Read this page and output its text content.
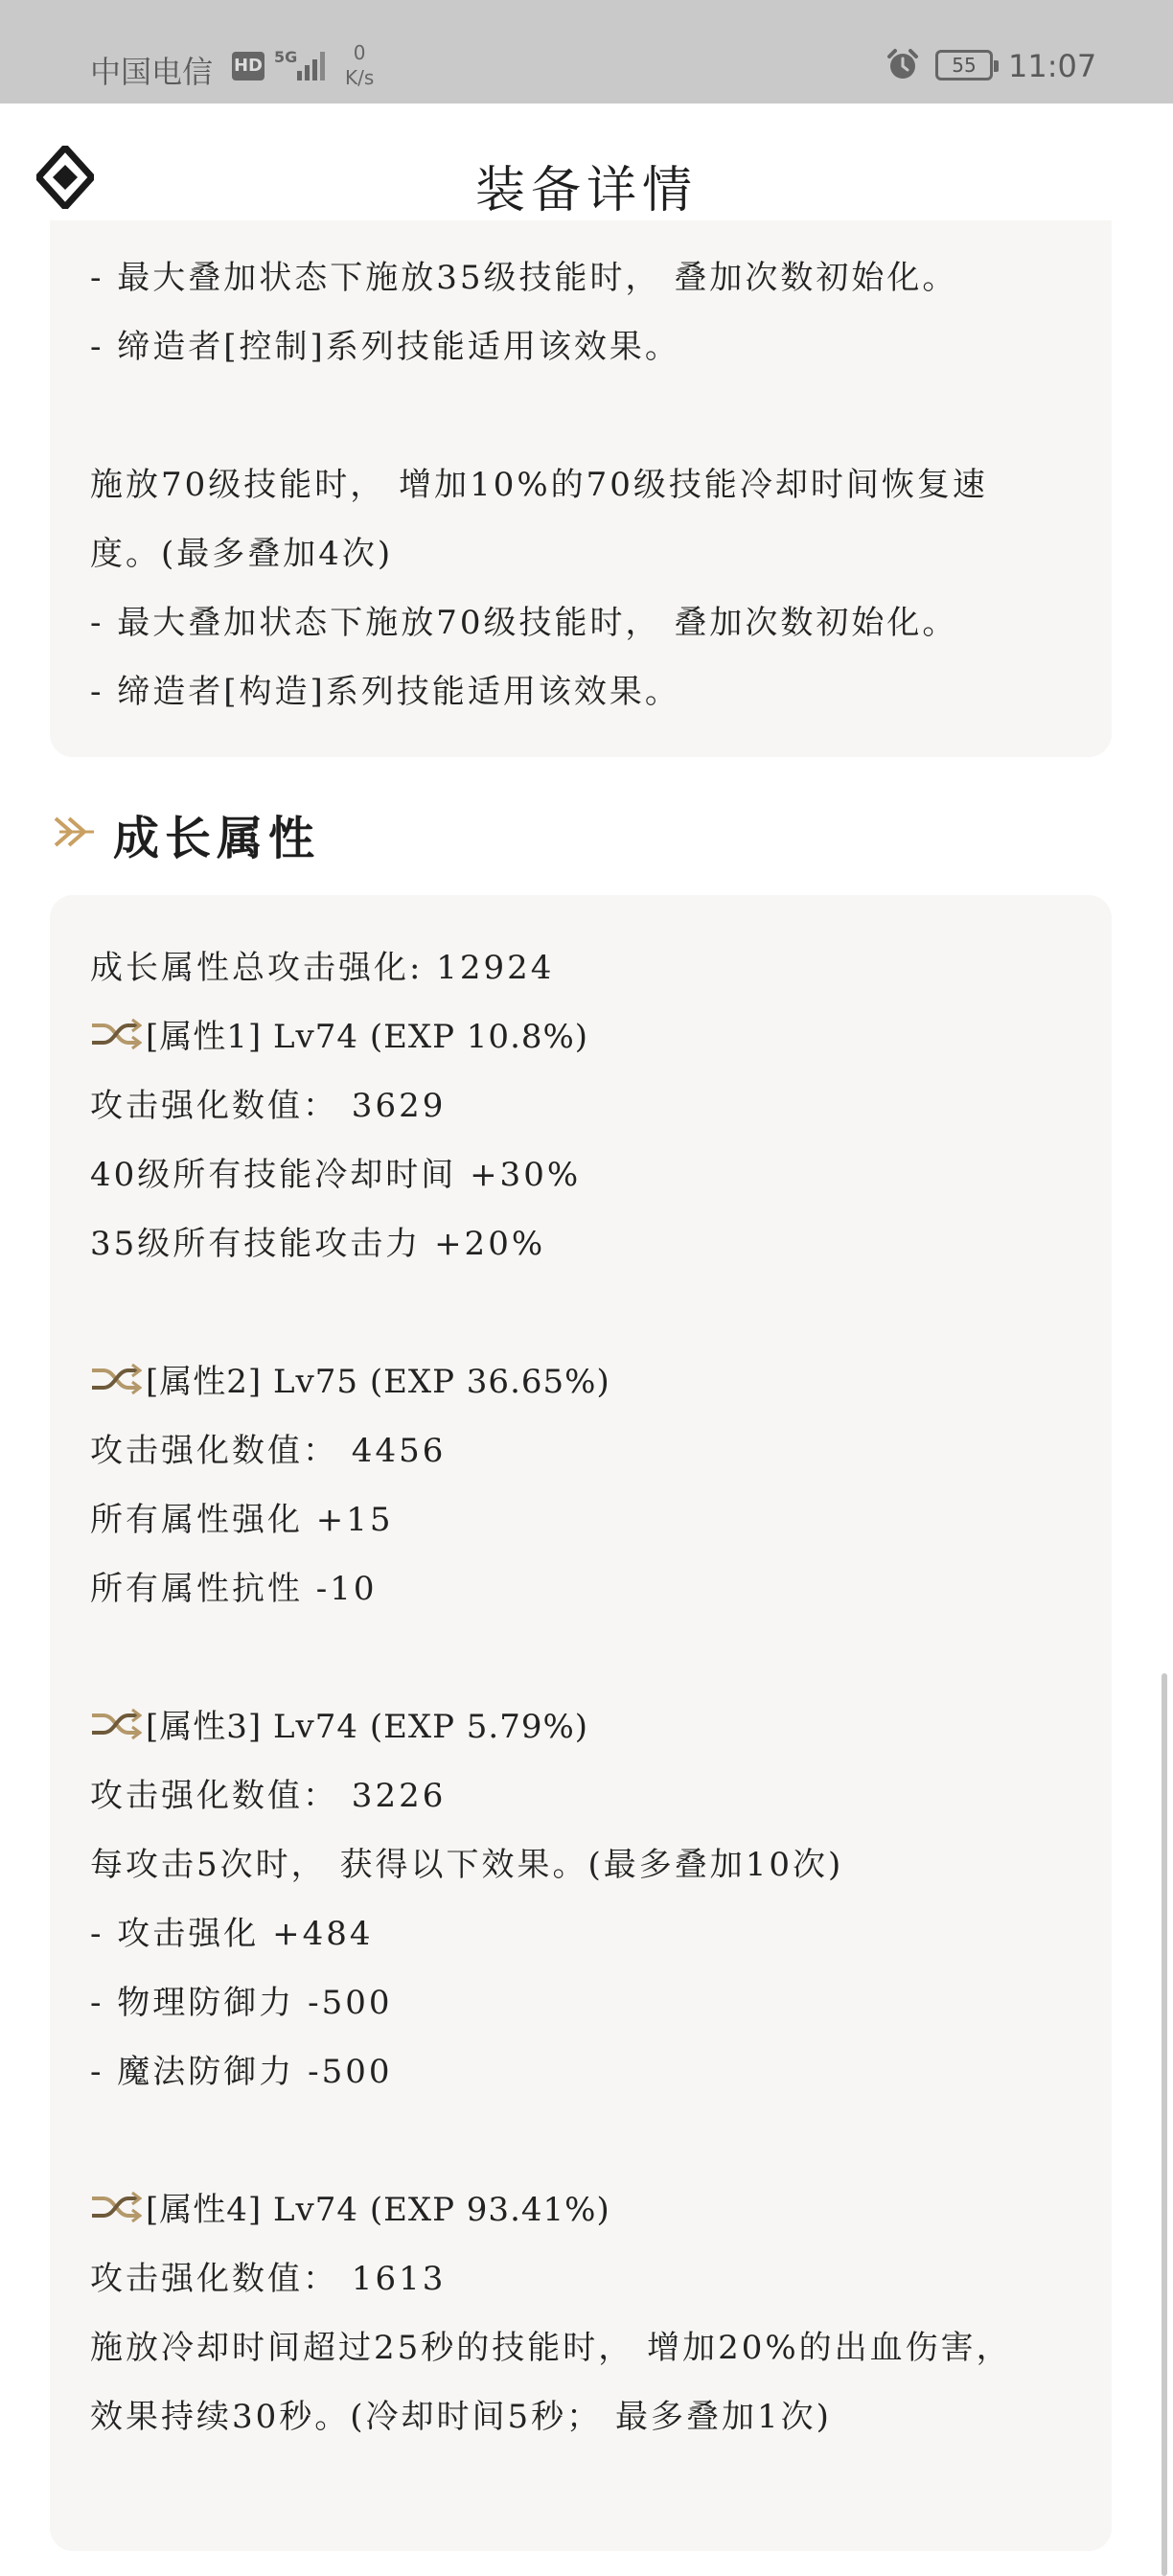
中国电信 HD 5G	0
K/s
55	11:07
装备详情
- 最大叠加状态下施放35级技能时， 叠加次数初始化。
- 缔造者[控制]系列技能适用该效果。
施放70级技能时， 增加10%的70级技能冷却时间恢复速
度。(最多叠加4次)
- 最大叠加状态下施放70级技能时， 叠加次数初始化。
- 缔造者[构造]系列技能适用该效果。
成长属性
成长属性总攻击强化: 12924
[属性1] Lv74 (EXP 10.8%)
攻击强化数值： 3629
40级所有技能冷却时间 +30%
35级所有技能攻击力 +20%
[属性2] Lv75 (EXP 36.65%)
攻击强化数值： 4456
所有属性强化 +15
所有属性抗性 -10
[属性3] Lv74 (EXP 5.79%)
攻击强化数值： 3226
每攻击5次时， 获得以下效果。(最多叠加10次)
- 攻击强化 +484
- 物理防御力 -500
- 魔法防御力 -500
[属性4] Lv74 (EXP 93.41%)
攻击强化数值： 1613
施放冷却时间超过25秒的技能时， 增加20%的出血伤害，
效果持续30秒。(冷却时间5秒； 最多叠加1次)
